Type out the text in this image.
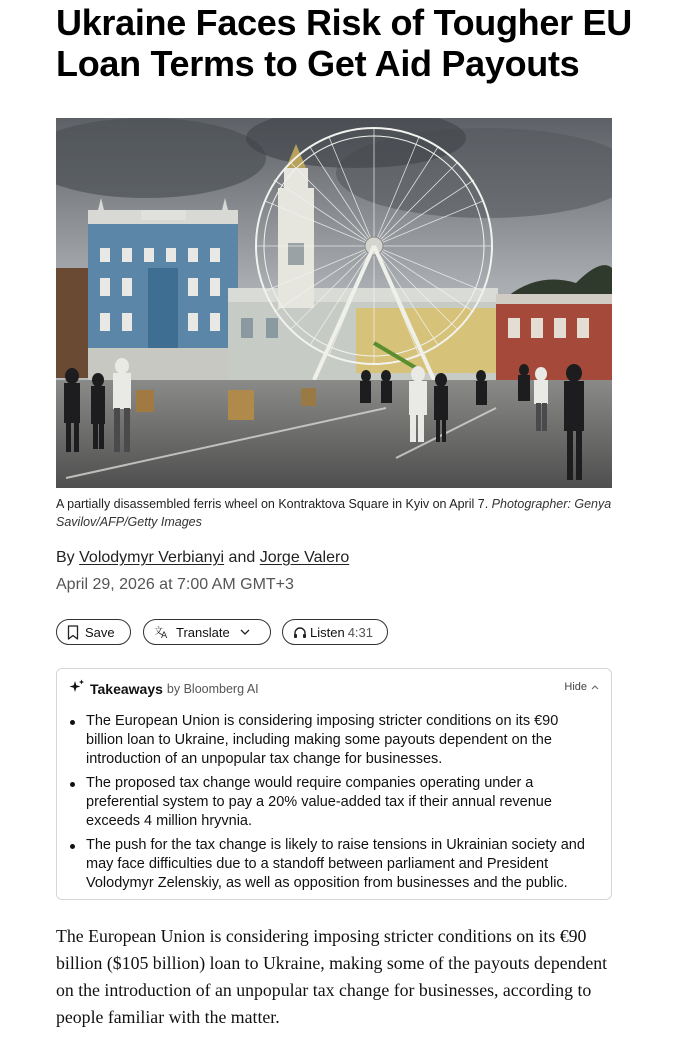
Ukraine Faces Risk of Tougher EU Loan Terms to Get Aid Payouts
A partially disassembled ferris wheel on Kontraktova Square in Kyiv on April 7. Photographer: Genya Savilov/AFP/Getty Images
By Volodymyr Verbianyi and Jorge Valero
April 29, 2026 at 7:00 AM GMT+3
Save	文
A Translate	Listen 4:31
Takeaways by Bloomberg AI	Hide
The European Union is considering imposing stricter conditions on its €90 billion loan to Ukraine, including making some payouts dependent on the introduction of an unpopular tax change for businesses.
The proposed tax change would require companies operating under a preferential system to pay a 20% value-added tax if their annual revenue exceeds 4 million hryvnia.
The push for the tax change is likely to raise tensions in Ukrainian society and may face difficulties due to a standoff between parliament and President Volodymyr Zelenskiy, as well as opposition from businesses and the public.

The European Union is considering imposing stricter conditions on its €90 billion ($105 billion) loan to Ukraine, making some of the payouts dependent on the introduction of an unpopular tax change for businesses, according to people familiar with the matter.
